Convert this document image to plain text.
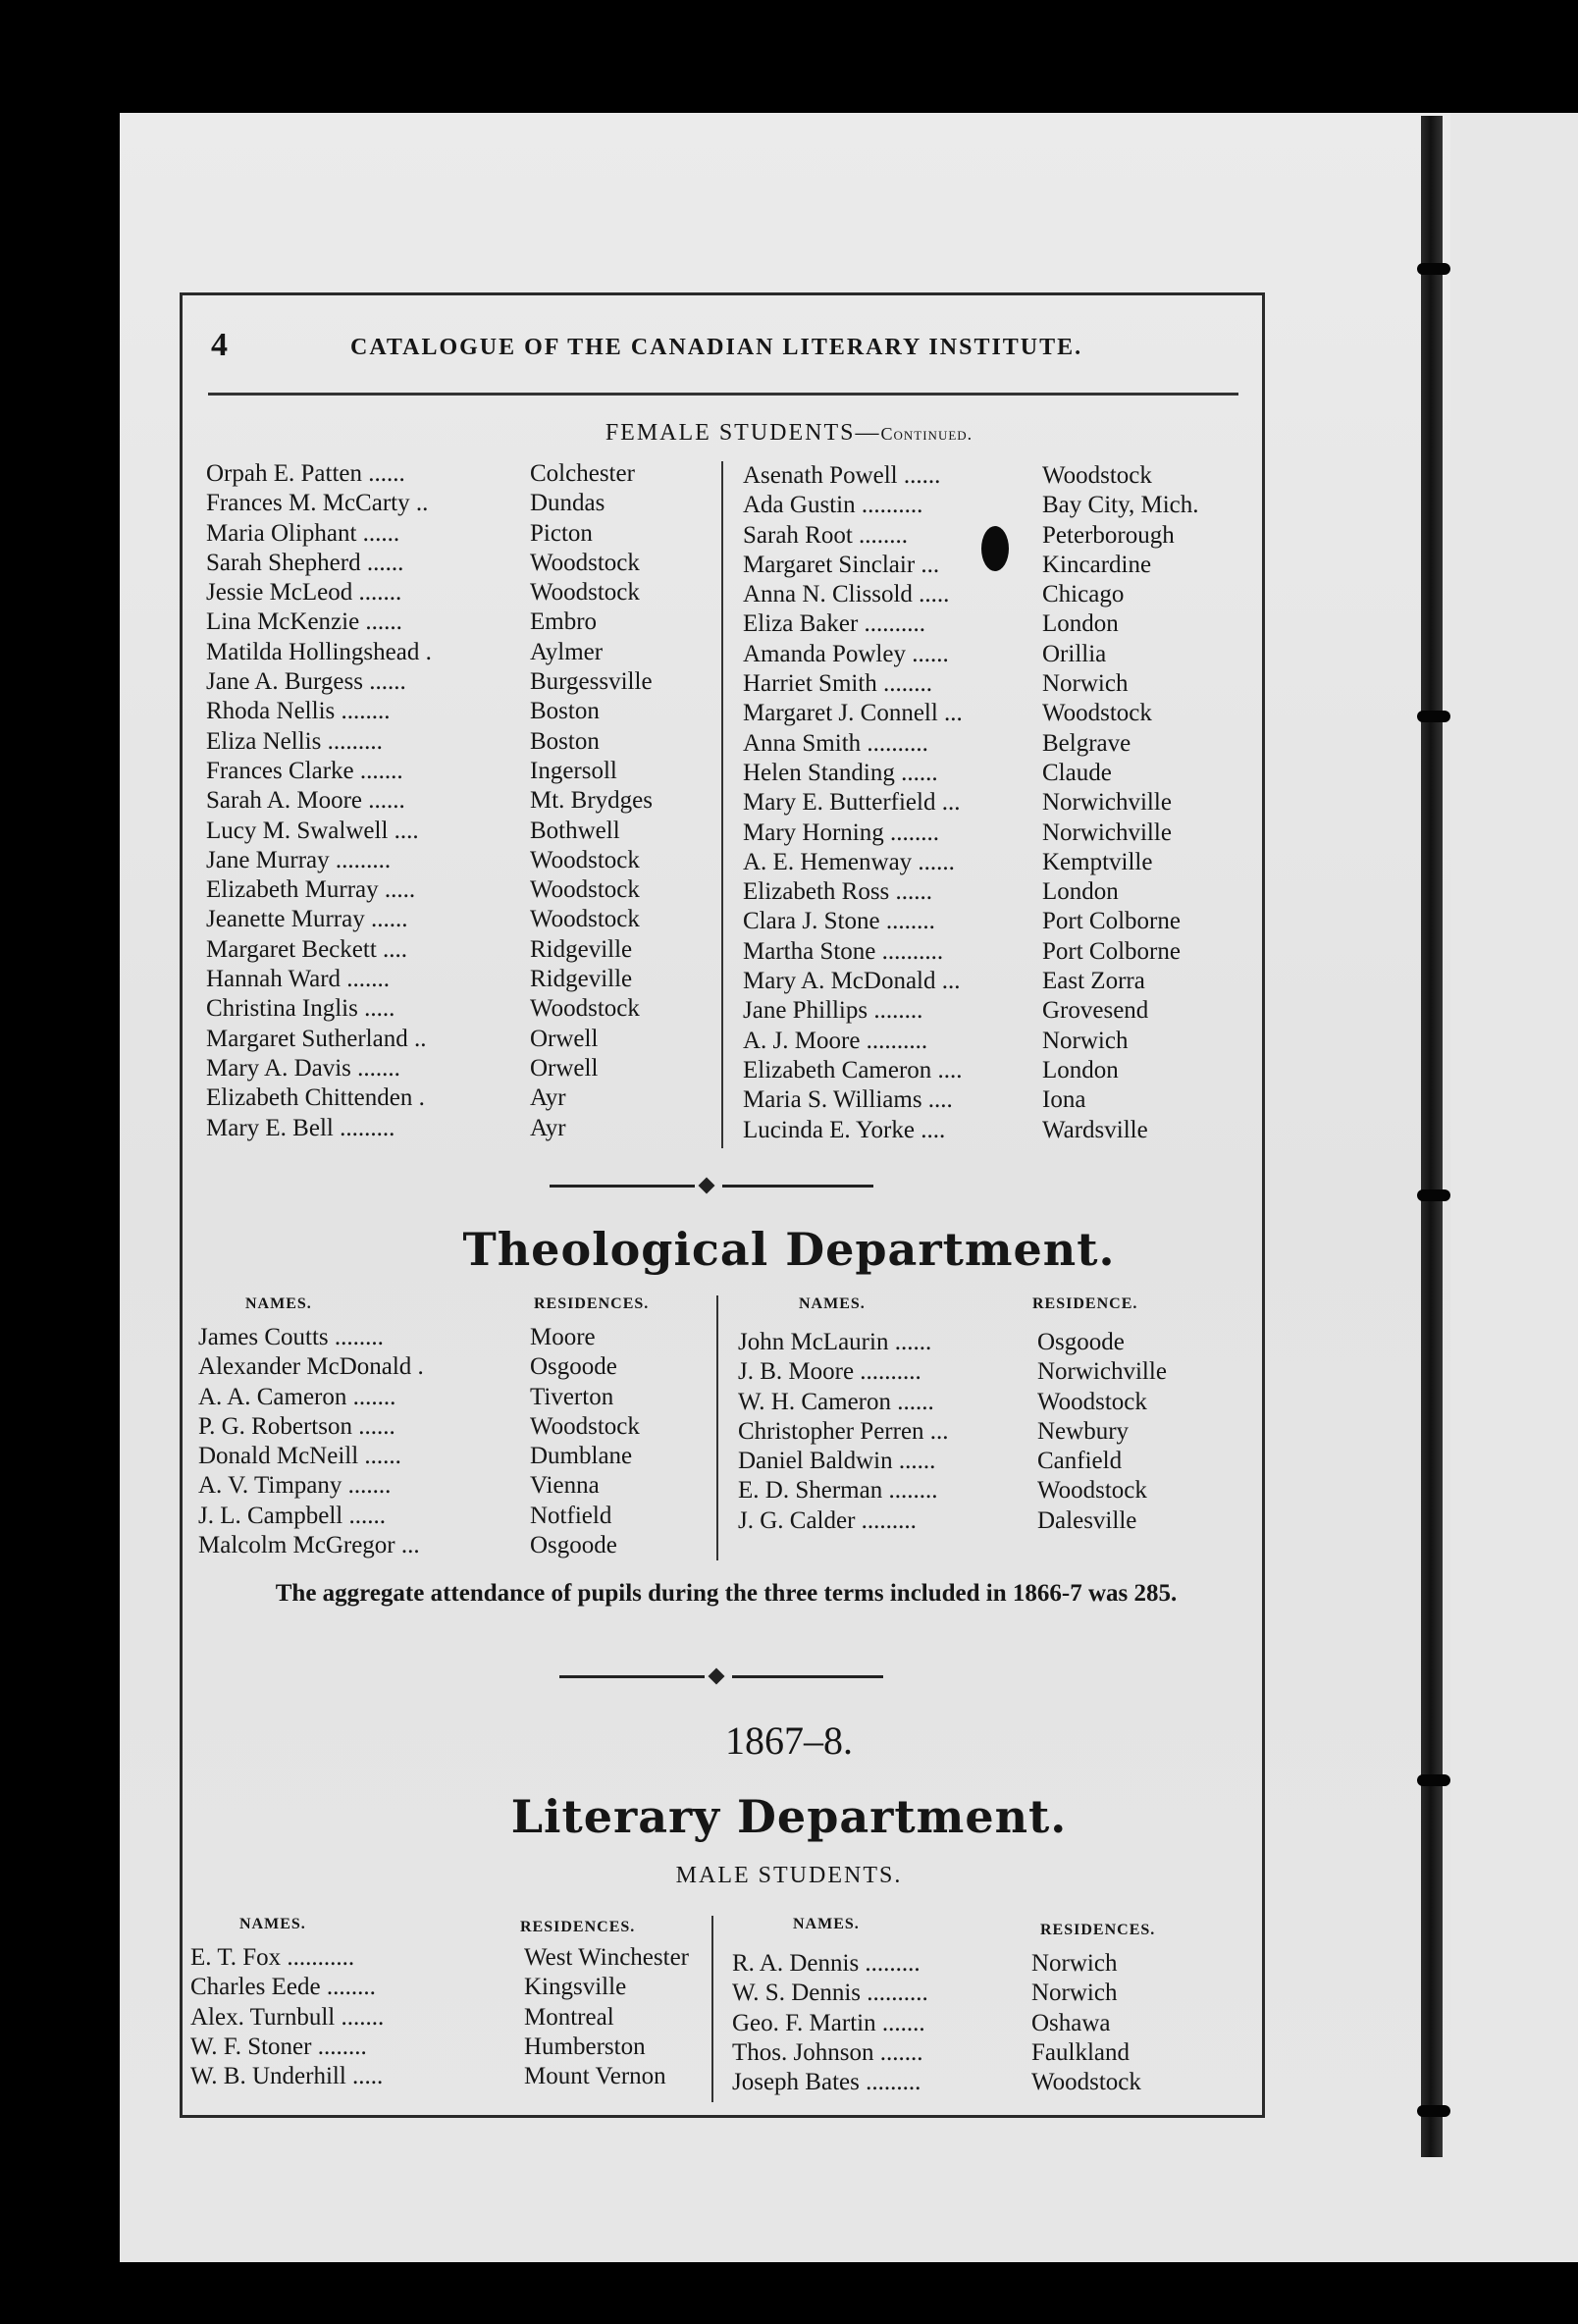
4	CATALOGUE OF THE CANADIAN LITERARY INSTITUTE.
FEMALE STUDENTS—Continued.
Orpah E. Patten ......	Colchester
Frances M. McCarty ..	Dundas
Maria Oliphant ......	Picton
Sarah Shepherd ......	Woodstock
Jessie McLeod .......	Woodstock
Lina McKenzie ......	Embro
Matilda Hollingshead .	Aylmer
Jane A. Burgess ......	Burgessville
Rhoda Nellis ........	Boston
Eliza Nellis .........	Boston
Frances Clarke .......	Ingersoll
Sarah A. Moore ......	Mt. Brydges
Lucy M. Swalwell ....	Bothwell
Jane Murray .........	Woodstock
Elizabeth Murray .....	Woodstock
Jeanette Murray ......	Woodstock
Margaret Beckett ....	Ridgeville
Hannah Ward .......	Ridgeville
Christina Inglis .....	Woodstock
Margaret Sutherland ..	Orwell
Mary A. Davis .......	Orwell
Elizabeth Chittenden .	Ayr
Mary E. Bell .........	Ayr
Asenath Powell ......	Woodstock
Ada Gustin ..........	Bay City, Mich.
Sarah Root ........	Peterborough
Margaret Sinclair ...	Kincardine
Anna N. Clissold .....	Chicago
Eliza Baker ..........	London
Amanda Powley ......	Orillia
Harriet Smith ........	Norwich
Margaret J. Connell ...	Woodstock
Anna Smith ..........	Belgrave
Helen Standing ......	Claude
Mary E. Butterfield ...	Norwichville
Mary Horning ........	Norwichville
A. E. Hemenway ......	Kemptville
Elizabeth Ross ......	London
Clara J. Stone ........	Port Colborne
Martha Stone ..........	Port Colborne
Mary A. McDonald ...	East Zorra
Jane Phillips ........	Grovesend
A. J. Moore ..........	Norwich
Elizabeth Cameron ....	London
Maria S. Williams ....	Iona
Lucinda E. Yorke ....	Wardsville
Theological Department.
NAMES.	RESIDENCES.	NAMES.	RESIDENCE.
James Coutts ........	Moore
Alexander McDonald .	Osgoode
A. A. Cameron .......	Tiverton
P. G. Robertson ......	Woodstock
Donald McNeill ......	Dumblane
A. V. Timpany .......	Vienna
J. L. Campbell ......	Notfield
Malcolm McGregor ...	Osgoode
John McLaurin ......	Osgoode
J. B. Moore ..........	Norwichville
W. H. Cameron ......	Woodstock
Christopher Perren ...	Newbury
Daniel Baldwin ......	Canfield
E. D. Sherman ........	Woodstock
J. G. Calder .........	Dalesville
The aggregate attendance of pupils during the three terms included in 1866-7 was 285.
1867–8.
Literary Department.
MALE STUDENTS.
NAMES.	RESIDENCES.	NAMES.	RESIDENCES.
E. T. Fox ...........	West Winchester
Charles Eede ........	Kingsville
Alex. Turnbull .......	Montreal
W. F. Stoner ........	Humberston
W. B. Underhill .....	Mount Vernon
R. A. Dennis .........	Norwich
W. S. Dennis ..........	Norwich
Geo. F. Martin .......	Oshawa
Thos. Johnson .......	Faulkland
Joseph Bates .........	Woodstock
